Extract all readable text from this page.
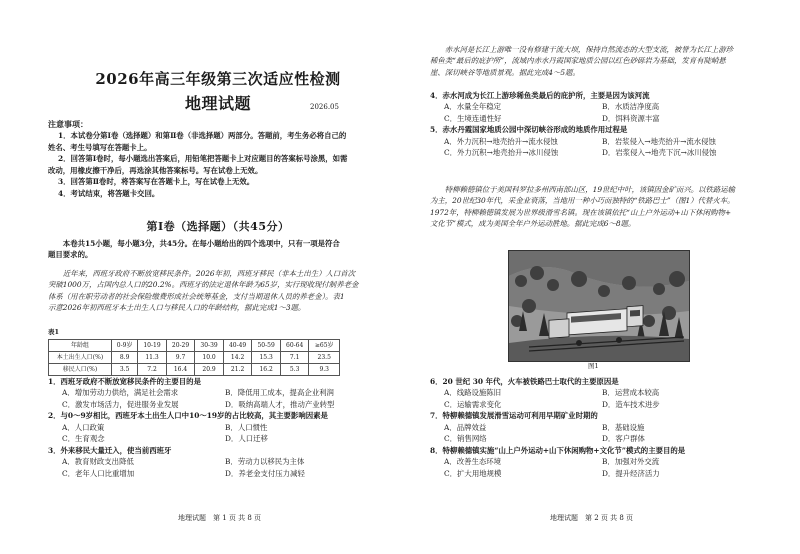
2026年高三年级第三次适应性检测
地理试题	2026.05
注意事项：
1．本试卷分第Ⅰ卷（选择题）和第Ⅱ卷（非选择题）两部分。答题前，考生务必将自己的
姓名、考生号填写在答题卡上。
2．回答第Ⅰ卷时，每小题选出答案后，用铅笔把答题卡上对应题目的答案标号涂黑，如需
改动，用橡皮擦干净后，再选涂其他答案标号。写在试卷上无效。
3．回答第Ⅱ卷时，将答案写在答题卡上，写在试卷上无效。
4．考试结束，将答题卡交回。
第Ⅰ卷（选择题）（共45分）
本卷共15小题，每小题3分，共45分。在每小题给出的四个选项中，只有一项是符合
题目要求的。
近年来，西班牙政府不断放宽移民条件。2026年初，西班牙移民（非本土出生）人口首次
突破1000万，占国内总人口的20.2%。西班牙的法定退休年龄为65岁，实行现收现付制养老金
体系（用在职劳动者的社会保险缴费形成社会统筹基金，支付当期退休人员的养老金）。表1
示意2026年初西班牙本土出生人口与移民人口的年龄结构，据此完成1～3题。
表1
年龄组	0-9岁	10-19	20-29	30-39	40-49	50-59	60-64	≥65岁
本土出生人口(%)	8.9	11.3	9.7	10.0	14.2	15.3	7.1	23.5
移民人口(%)	3.5	7.2	16.4	20.9	21.2	16.2	5.3	9.3
1．西班牙政府不断放宽移民条件的主要目的是
A．增加劳动力供给，满足社会需求	B．降低用工成本，提高企业利润
C．激发市场活力，促进服务业发展	D．吸纳高端人才，推动产业转型
2．与0～9岁相比，西班牙本土出生人口中10～19岁的占比较高，其主要影响因素是
A．人口政策	B．人口惯性
C．生育观念	D．人口迁移
3．外来移民大量迁入，使当前西班牙
A．教育财政支出降低	B．劳动力以移民为主体
C．老年人口比重增加	D．养老金支付压力减轻
地理试题　第 1 页 共 8 页
赤水河是长江上游唯一没有修建干流大坝，保持自然流态的大型支流，被誉为长江上游珍
稀鱼类“最后的庇护所”，流域内赤水丹霞国家地质公园以红色砂砾岩为基础，发育有陡峭悬
崖、深切峡谷等地质景观。据此完成4～5题。
4．赤水河成为长江上游珍稀鱼类最后的庇护所，主要是因为该河流
A．水量全年稳定	B．水质洁净度高
C．生境连通性好	D．饵料资源丰富
5．赤水丹霞国家地质公园中深切峡谷形成的地质作用过程是
A．外力沉积→地壳抬升→流水侵蚀	B．岩浆侵入→地壳抬升→流水侵蚀
C．外力沉积→地壳抬升→冰川侵蚀	D．岩浆侵入→地壳下沉→冰川侵蚀
特柳赖德镇位于美国科罗拉多州西南部山区，19世纪中叶，该镇因金矿而兴。以铁路运输
为主，20世纪30年代，采金业衰落，当地用一种小巧而独特的“铁路巴士”（图1）代替火车。
1972年，特柳赖德镇发展为世界级滑雪名镇。现在该镇依托“山上户外运动+山下休闲购物+
文化节”模式，成为美国全年户外运动胜地。据此完成6～8题。
图1
6．20 世纪 30 年代，火车被铁路巴士取代的主要原因是
A．线路设施陈旧	B．运营成本较高
C．运输需求变化	D．造车技术进步
7．特柳赖德镇发展滑雪运动可利用早期矿业时期的
A．品牌效益	B．基础设施
C．销售网络	D．客户群体
8．特柳赖德镇实施“山上户外运动+山下休闲购物+文化节”模式的主要目的是
A．改善生态环境	B．加强对外交流
C．扩大用地规模	D．提升经济活力
地理试题　第 2 页 共 8 页
